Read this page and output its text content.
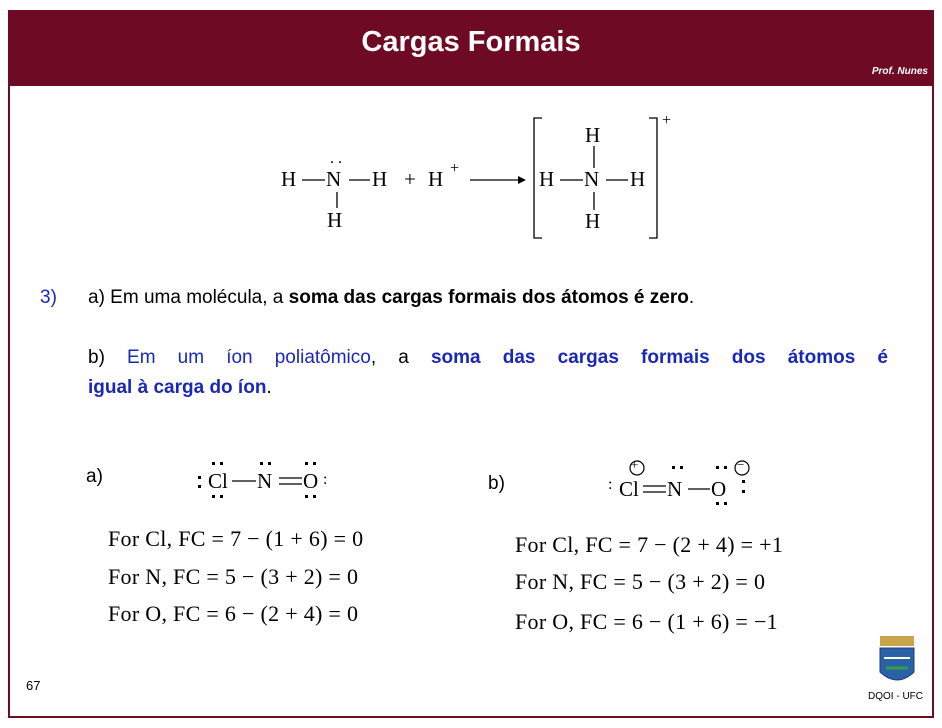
Cargas Formais
Prof. Nunes
H N
. .
H
H
+ H +
H
H N H
H
+
3) a) Em uma molécula, a soma das cargas formais dos átomos é zero.
b) Em um íon poliatômico, a soma das cargas formais dos átomos é
igual à carga do íon.
a)	Cl N O :
For Cl, FC = 7 − (1 + 6) = 0
For N, FC = 5 − (3 + 2) = 0
For O, FC = 6 − (2 + 4) = 0
b)	: Cl N O
+	−
For Cl, FC = 7 − (2 + 4) = +1
For N, FC = 5 − (3 + 2) = 0
For O, FC = 6 − (1 + 6) = −1
67
DQOI - UFC
